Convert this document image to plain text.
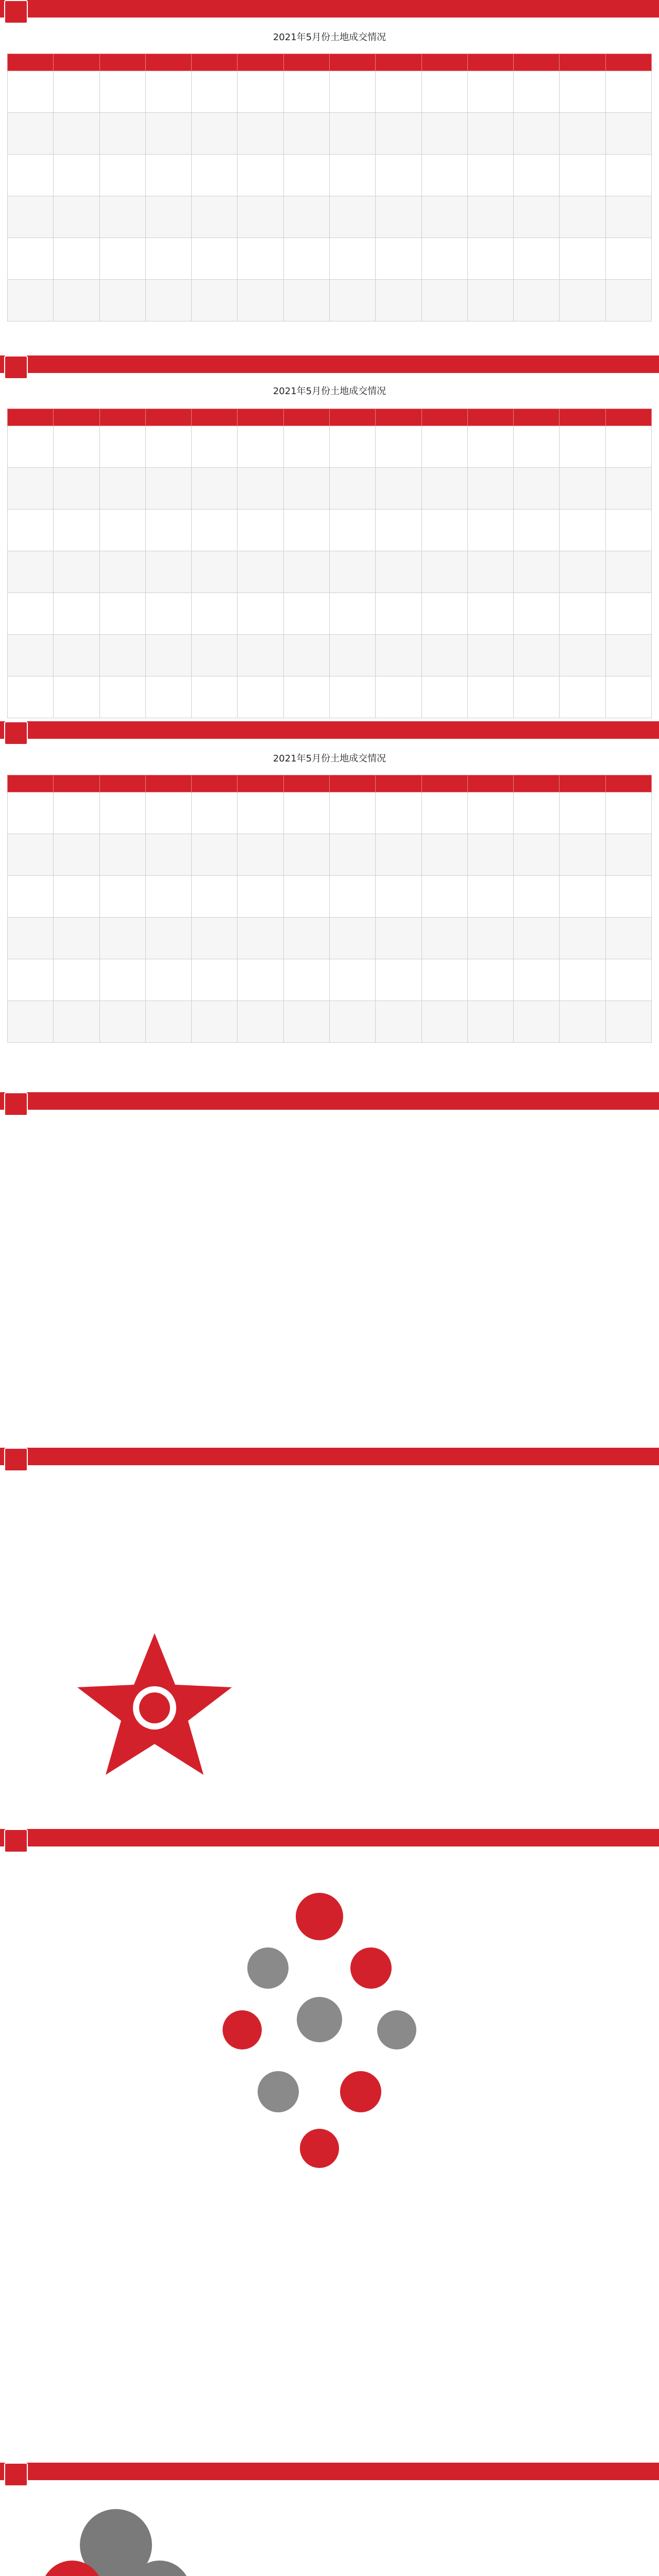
2021年5月份土地成交情况

2021年5月份土地成交情况

2021年5月份土地成交情况
